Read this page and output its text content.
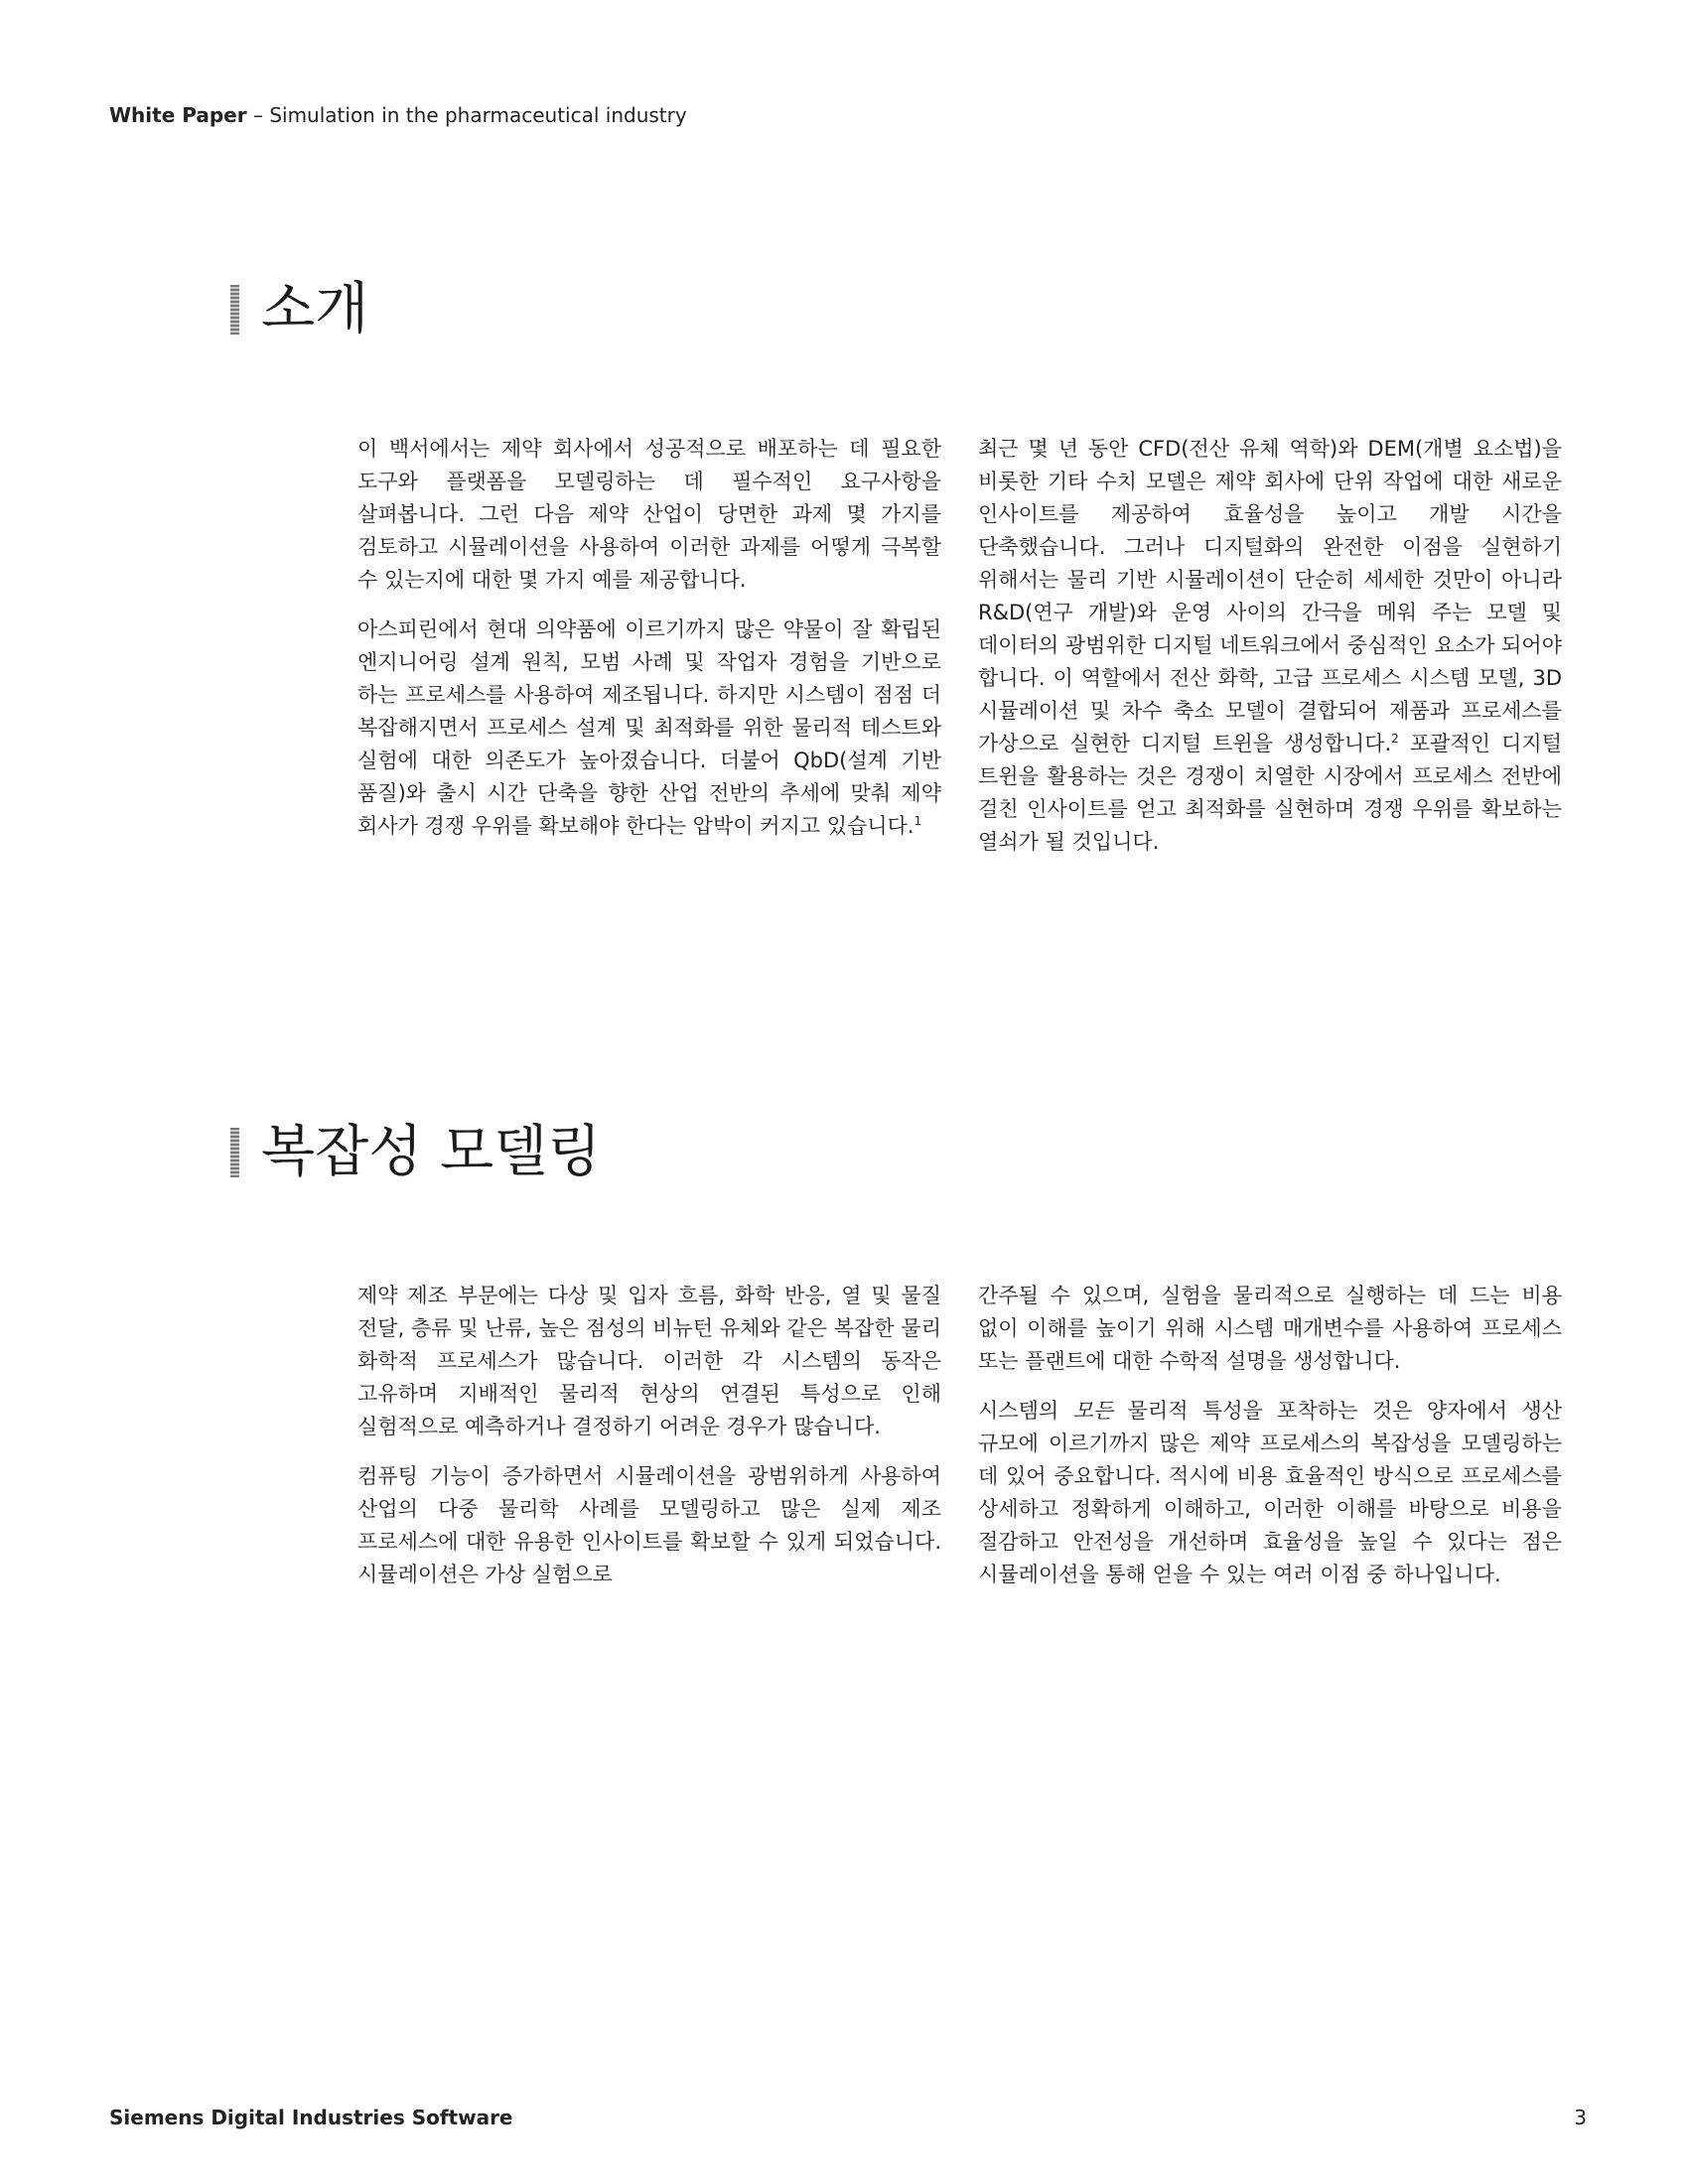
White Paper – Simulation in the pharmaceutical industry
소개

이 백서에서는 제약 회사에서 성공적으로 배포하는 데 필요한 도구와 플랫폼을 모델링하는 데 필수적인 요구사항을 살펴봅니다. 그런 다음 제약 산업이 당면한 과제 몇 가지를 검토하고 시뮬레이션을 사용하여 이러한 과제를 어떻게 극복할 수 있는지에 대한 몇 가지 예를 제공합니다.

아스피린에서 현대 의약품에 이르기까지 많은 약물이 잘 확립된 엔지니어링 설계 원칙, 모범 사례 및 작업자 경험을 기반으로 하는 프로세스를 사용하여 제조됩니다. 하지만 시스템이 점점 더 복잡해지면서 프로세스 설계 및 최적화를 위한 물리적 테스트와 실험에 대한 의존도가 높아졌습니다. 더불어 QbD(설계 기반 품질)와 출시 시간 단축을 향한 산업 전반의 추세에 맞춰 제약 회사가 경쟁 우위를 확보해야 한다는 압박이 커지고 있습니다.$^1$

최근 몇 년 동안 CFD(전산 유체 역학)와 DEM(개별 요소법)을 비롯한 기타 수치 모델은 제약 회사에 단위 작업에 대한 새로운 인사이트를 제공하여 효율성을 높이고 개발 시간을 단축했습니다. 그러나 디지털화의 완전한 이점을 실현하기 위해서는 물리 기반 시뮬레이션이 단순히 세세한 것만이 아니라 R&D(연구 개발)와 운영 사이의 간극을 메워 주는 모델 및 데이터의 광범위한 디지털 네트워크에서 중심적인 요소가 되어야 합니다. 이 역할에서 전산 화학, 고급 프로세스 시스템 모델, 3D 시뮬레이션 및 차수 축소 모델이 결합되어 제품과 프로세스를 가상으로 실현한 디지털 트윈을 생성합니다.$^2$ 포괄적인 디지털 트윈을 활용하는 것은 경쟁이 치열한 시장에서 프로세스 전반에 걸친 인사이트를 얻고 최적화를 실현하며 경쟁 우위를 확보하는 열쇠가 될 것입니다.

복잡성 모델링

제약 제조 부문에는 다상 및 입자 흐름, 화학 반응, 열 및 물질 전달, 층류 및 난류, 높은 점성의 비뉴턴 유체와 같은 복잡한 물리 화학적 프로세스가 많습니다. 이러한 각 시스템의 동작은 고유하며 지배적인 물리적 현상의 연결된 특성으로 인해 실험적으로 예측하거나 결정하기 어려운 경우가 많습니다.

컴퓨팅 기능이 증가하면서 시뮬레이션을 광범위하게 사용하여 산업의 다중 물리학 사례를 모델링하고 많은 실제 제조 프로세스에 대한 유용한 인사이트를 확보할 수 있게 되었습니다. 시뮬레이션은 가상 실험으로

간주될 수 있으며, 실험을 물리적으로 실행하는 데 드는 비용 없이 이해를 높이기 위해 시스템 매개변수를 사용하여 프로세스 또는 플랜트에 대한 수학적 설명을 생성합니다.

시스템의 모든 물리적 특성을 포착하는 것은 양자에서 생산 규모에 이르기까지 많은 제약 프로세스의 복잡성을 모델링하는 데 있어 중요합니다. 적시에 비용 효율적인 방식으로 프로세스를 상세하고 정확하게 이해하고, 이러한 이해를 바탕으로 비용을 절감하고 안전성을 개선하며 효율성을 높일 수 있다는 점은 시뮬레이션을 통해 얻을 수 있는 여러 이점 중 하나입니다.

Siemens Digital Industries Software	3
